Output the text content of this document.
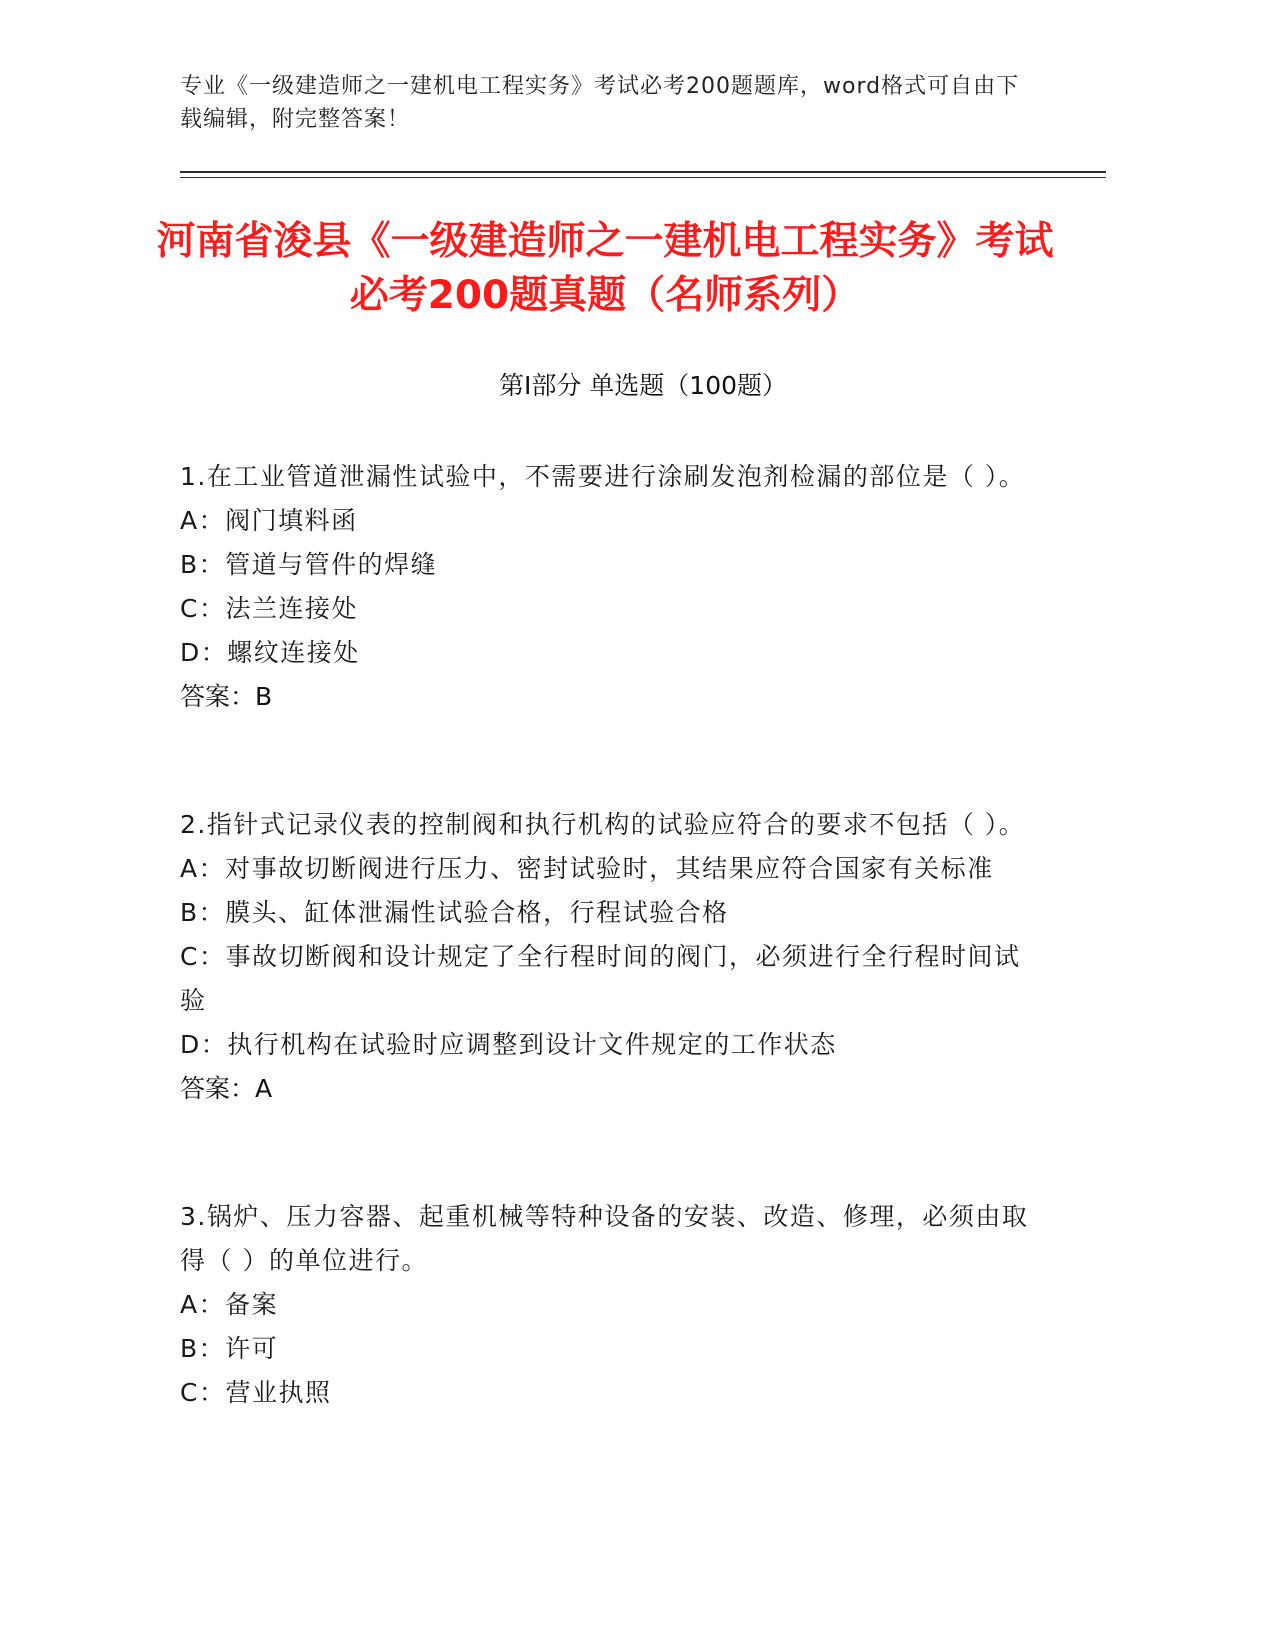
专业《一级建造师之一建机电工程实务》考试必考200题题库，word格式可自由下载编辑，附完整答案！
河南省浚县《一级建造师之一建机电工程实务》考试必考200题真题（名师系列）
第Ⅰ部分 单选题（100题）

1.在工业管道泄漏性试验中，不需要进行涂刷发泡剂检漏的部位是（ ）。

A：阀门填料函

B：管道与管件的焊缝

C：法兰连接处

D：螺纹连接处

答案：B

2.指针式记录仪表的控制阀和执行机构的试验应符合的要求不包括（ ）。

A：对事故切断阀进行压力、密封试验时，其结果应符合国家有关标准

B：膜头、缸体泄漏性试验合格，行程试验合格

C：事故切断阀和设计规定了全行程时间的阀门，必须进行全行程时间试验

D：执行机构在试验时应调整到设计文件规定的工作状态

答案：A

3.锅炉、压力容器、起重机械等特种设备的安装、改造、修理，必须由取得（ ）的单位进行。

A：备案

B：许可

C：营业执照
